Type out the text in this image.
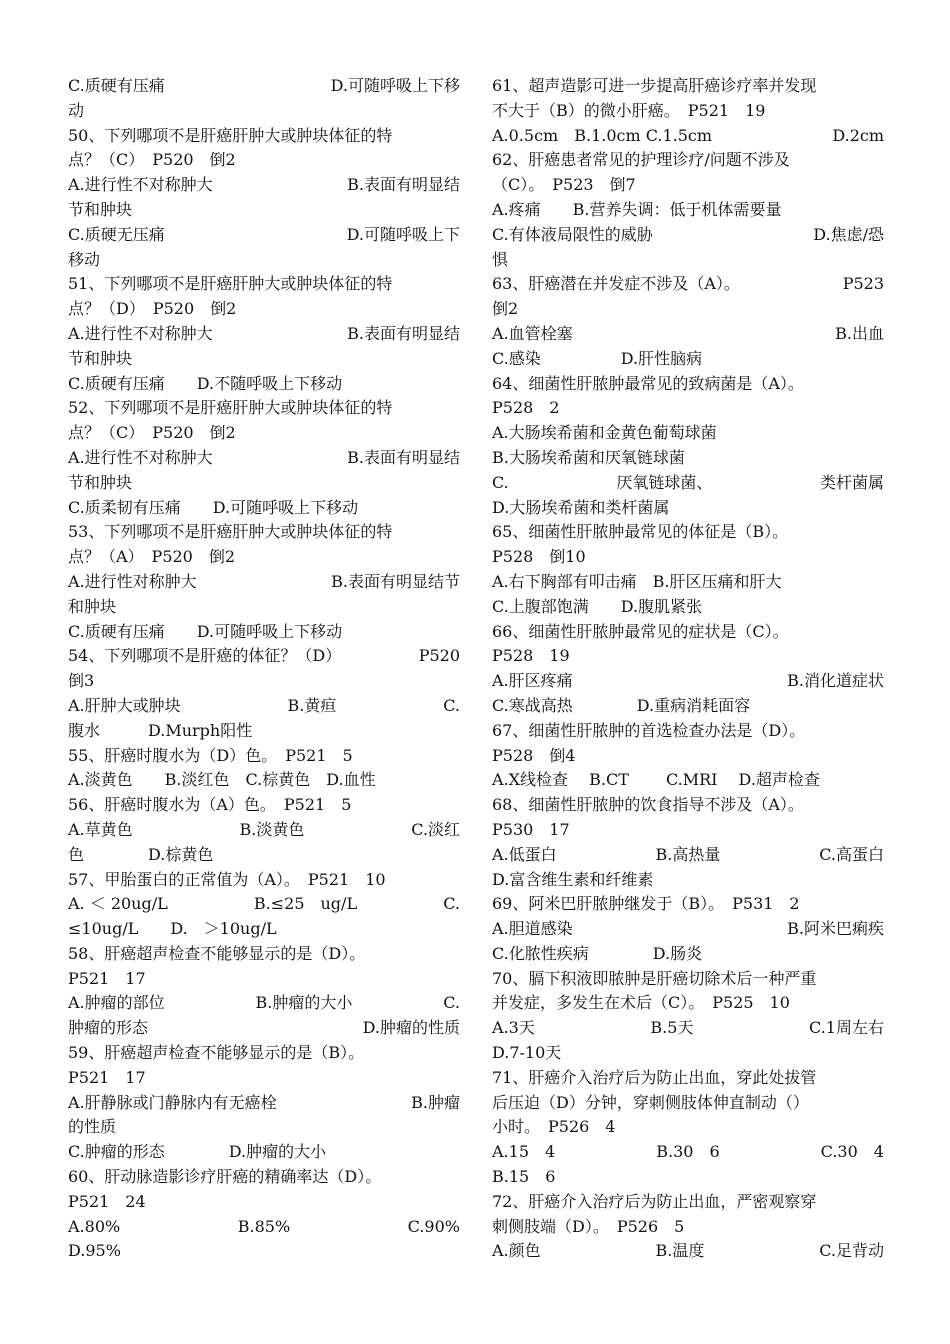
C.质硬有压痛	D.可随呼吸上下移
动
50、下列哪项不是肝癌肝肿大或肿块体征的特
点？（C）　P520　倒2
A.进行性不对称肿大	B.表面有明显结
节和肿块
C.质硬无压痛	D.可随呼吸上下
移动
51、下列哪项不是肝癌肝肿大或肿块体征的特
点？（D）　P520　倒2
A.进行性不对称肿大	B.表面有明显结
节和肿块
C.质硬有压痛　　D.不随呼吸上下移动
52、下列哪项不是肝癌肝肿大或肿块体征的特
点？（C）　P520　倒2
A.进行性不对称肿大	B.表面有明显结
节和肿块
C.质柔韧有压痛　　D.可随呼吸上下移动
53、下列哪项不是肝癌肝肿大或肿块体征的特
点？（A）　P520　倒2
A.进行性对称肿大	B.表面有明显结节
和肿块
C.质硬有压痛　　D.可随呼吸上下移动
54、下列哪项不是肝癌的体征？（D）	P520
倒3
A.肝肿大或肿块	B.黄疸	C.
腹水　　　D.Murph阳性
55、肝癌时腹水为（D）色。　P521　5
A.淡黄色　　B.淡红色　C.棕黄色　D.血性
56、肝癌时腹水为（A）色。　P521　5
A.草黄色	B.淡黄色	C.淡红
色　　　　D.棕黄色
57、甲胎蛋白的正常值为（A）。　P521　10
A. ＜ 20ug/L	B.≤25　ug/L	C.
≤10ug/L　　D.　＞10ug/L
58、肝癌超声检查不能够显示的是（D）。
P521　17
A.肿瘤的部位	B.肿瘤的大小	C.
肿瘤的形态	D.肿瘤的性质
59、肝癌超声检查不能够显示的是（B）。
P521　17
A.肝静脉或门静脉内有无癌栓	B.肿瘤
的性质
C.肿瘤的形态　　　　D.肿瘤的大小
60、肝动脉造影诊疗肝癌的精确率达（D）。
P521　24
A.80%	B.85%	C.90%
D.95%
61、超声造影可进一步提高肝癌诊疗率并发现
不大于（B）的微小肝癌。　P521　19
A.0.5cm　B.1.0cm C.1.5cm	D.2cm
62、肝癌患者常见的护理诊疗/问题不涉及
（C）。　P523　倒7
A.疼痛　　B.营养失调：低于机体需要量
C.有体液局限性的威胁	D.焦虑/恐
惧
63、肝癌潜在并发症不涉及（A）。	P523
倒2
A.血管栓塞	B.出血
C.感染　　　　　D.肝性脑病
64、细菌性肝脓肿最常见的致病菌是（A）。
P528　2
A.大肠埃希菌和金黄色葡萄球菌
B.大肠埃希菌和厌氧链球菌
C.	厌氧链球菌、	类杆菌属
D.大肠埃希菌和类杆菌属
65、细菌性肝脓肿最常见的体征是（B）。
P528　倒10
A.右下胸部有叩击痛　B.肝区压痛和肝大
C.上腹部饱满　　D.腹肌紧张
66、细菌性肝脓肿最常见的症状是（C）。
P528　19
A.肝区疼痛	B.消化道症状
C.寒战高热　　　　D.重病消耗面容
67、细菌性肝脓肿的首选检查办法是（D）。
P528　倒4
A.X线检查　 B.CT　　 C.MRI　 D.超声检查
68、细菌性肝脓肿的饮食指导不涉及（A）。
P530　17
A.低蛋白	B.高热量	C.高蛋白
D.富含维生素和纤维素
69、阿米巴肝脓肿继发于（B）。　P531　2
A.胆道感染	B.阿米巴痢疾
C.化脓性疾病　　　　D.肠炎
70、膈下积液即脓肿是肝癌切除术后一种严重
并发症，多发生在术后（C）。　P525　10
A.3天	B.5天	C.1周左右
D.7-10天
71、肝癌介入治疗后为防止出血，穿此处拔管
后压迫（D）分钟，穿刺侧肢体伸直制动（）
小时。　P526　4
A.15　4	B.30　6	C.30　4
B.15　6
72、肝癌介入治疗后为防止出血，严密观察穿
刺侧肢端（D）。　P526　5
A.颜色	B.温度	C.足背动
